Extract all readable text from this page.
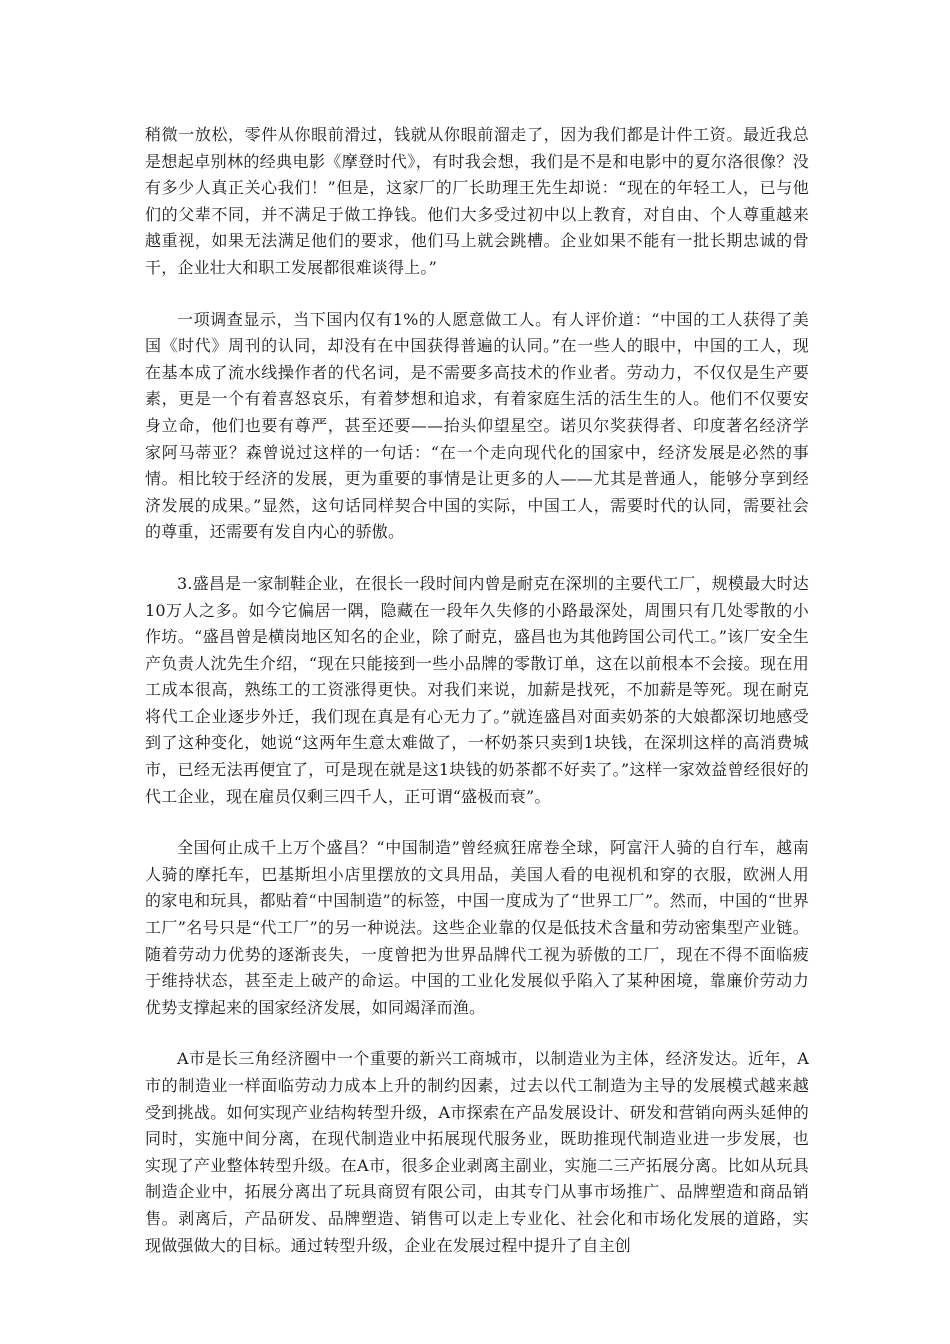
稍微一放松，零件从你眼前滑过，钱就从你眼前溜走了，因为我们都是计件工资。最近我总是想起卓别林的经典电影《摩登时代》，有时我会想，我们是不是和电影中的夏尔洛很像？没有多少人真正关心我们！”但是，这家厂的厂长助理王先生却说：“现在的年轻工人，已与他们的父辈不同，并不满足于做工挣钱。他们大多受过初中以上教育，对自由、个人尊重越来越重视，如果无法满足他们的要求，他们马上就会跳槽。企业如果不能有一批长期忠诚的骨干，企业壮大和职工发展都很难谈得上。”

一项调查显示，当下国内仅有1%的人愿意做工人。有人评价道：“中国的工人获得了美国《时代》周刊的认同，却没有在中国获得普遍的认同。”在一些人的眼中，中国的工人，现在基本成了流水线操作者的代名词，是不需要多高技术的作业者。劳动力，不仅仅是生产要素，更是一个有着喜怒哀乐，有着梦想和追求，有着家庭生活的活生生的人。他们不仅要安身立命，他们也要有尊严，甚至还要——抬头仰望星空。诺贝尔奖获得者、印度著名经济学家阿马蒂亚？森曾说过这样的一句话：“在一个走向现代化的国家中，经济发展是必然的事情。相比较于经济的发展，更为重要的事情是让更多的人——尤其是普通人，能够分享到经济发展的成果。”显然，这句话同样契合中国的实际，中国工人，需要时代的认同，需要社会的尊重，还需要有发自内心的骄傲。

3.盛昌是一家制鞋企业，在很长一段时间内曾是耐克在深圳的主要代工厂，规模最大时达10万人之多。如今它偏居一隅，隐藏在一段年久失修的小路最深处，周围只有几处零散的小作坊。“盛昌曾是横岗地区知名的企业，除了耐克，盛昌也为其他跨国公司代工。”该厂安全生产负责人沈先生介绍，“现在只能接到一些小品牌的零散订单，这在以前根本不会接。现在用工成本很高，熟练工的工资涨得更快。对我们来说，加薪是找死，不加薪是等死。现在耐克将代工企业逐步外迁，我们现在真是有心无力了。”就连盛昌对面卖奶茶的大娘都深切地感受到了这种变化，她说“这两年生意太难做了，一杯奶茶只卖到1块钱，在深圳这样的高消费城市，已经无法再便宜了，可是现在就是这1块钱的奶茶都不好卖了。”这样一家效益曾经很好的代工企业，现在雇员仅剩三四千人，正可谓“盛极而衰”。

全国何止成千上万个盛昌？“中国制造”曾经疯狂席卷全球，阿富汗人骑的自行车，越南人骑的摩托车，巴基斯坦小店里摆放的文具用品，美国人看的电视机和穿的衣服，欧洲人用的家电和玩具，都贴着“中国制造”的标签，中国一度成为了“世界工厂”。然而，中国的“世界工厂”名号只是“代工厂”的另一种说法。这些企业靠的仅是低技术含量和劳动密集型产业链。随着劳动力优势的逐渐丧失，一度曾把为世界品牌代工视为骄傲的工厂，现在不得不面临疲于维持状态，甚至走上破产的命运。中国的工业化发展似乎陷入了某种困境，靠廉价劳动力优势支撑起来的国家经济发展，如同竭泽而渔。

A市是长三角经济圈中一个重要的新兴工商城市，以制造业为主体，经济发达。近年，A市的制造业一样面临劳动力成本上升的制约因素，过去以代工制造为主导的发展模式越来越受到挑战。如何实现产业结构转型升级，A市探索在产品发展设计、研发和营销向两头延伸的同时，实施中间分离，在现代制造业中拓展现代服务业，既助推现代制造业进一步发展，也实现了产业整体转型升级。在A市，很多企业剥离主副业，实施二三产拓展分离。比如从玩具制造企业中，拓展分离出了玩具商贸有限公司，由其专门从事市场推广、品牌塑造和商品销售。剥离后，产品研发、品牌塑造、销售可以走上专业化、社会化和市场化发展的道路，实现做强做大的目标。通过转型升级，企业在发展过程中提升了自主创
